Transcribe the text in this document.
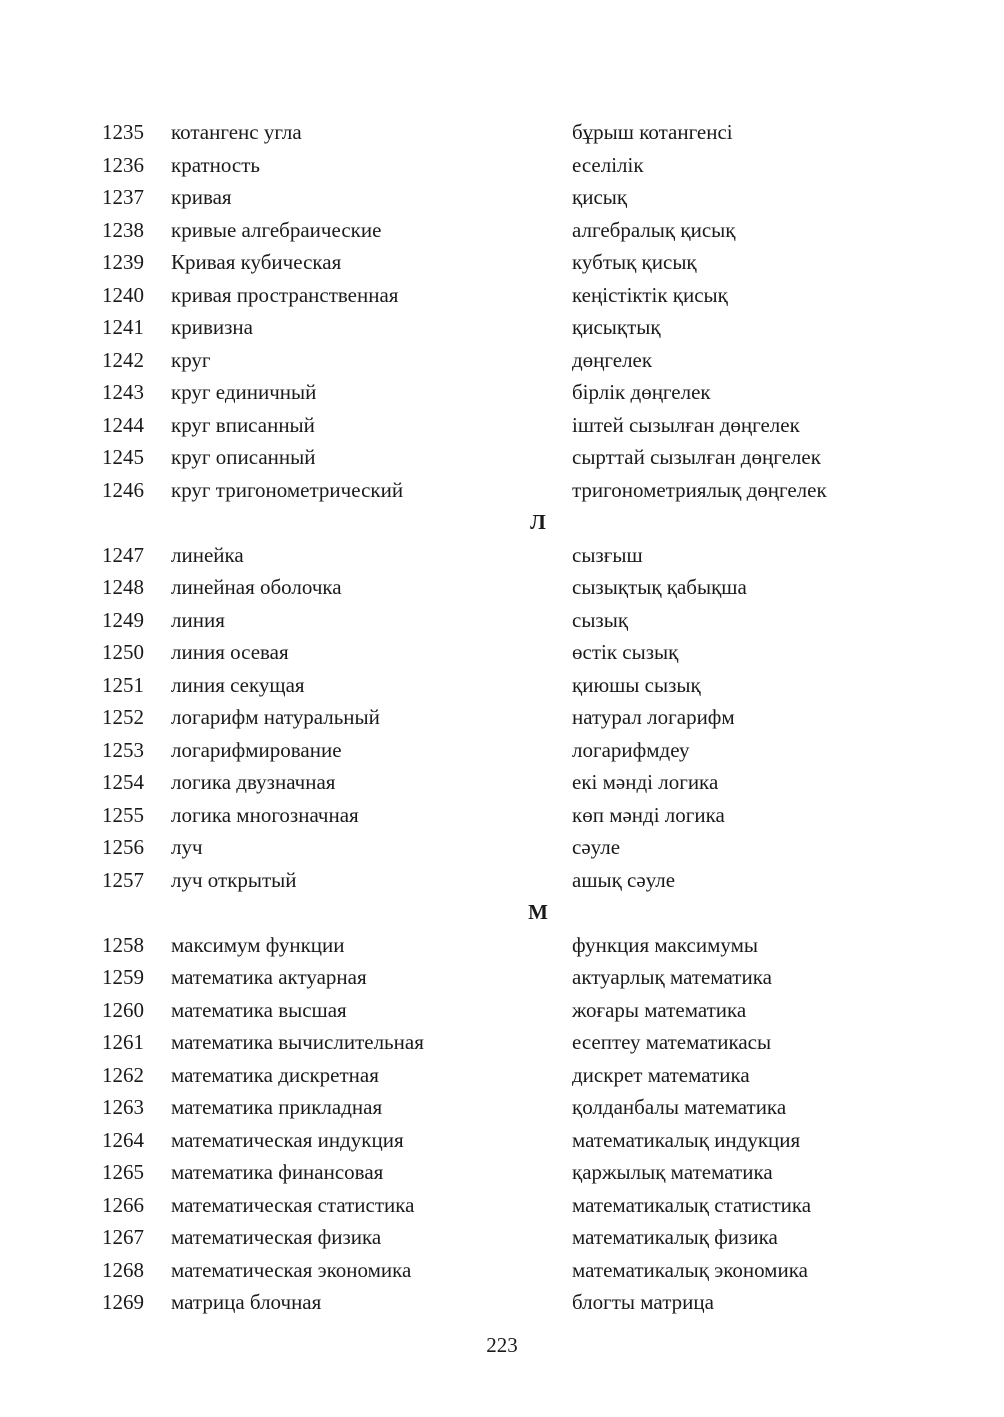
1235 котангенс угла	бұрыш котангенсі
1236 кратность	еселілік
1237 кривая	қисық
1238 кривые алгебраические	алгебралық қисық
1239 Кривая кубическая	кубтық қисық
1240 кривая пространственная	кеңістіктік қисық
1241 кривизна	қисықтық
1242 круг	дөңгелек
1243 круг единичный	бірлік дөңгелек
1244 круг вписанный	іштей сызылған дөңгелек
1245 круг описанный	сырттай сызылған дөңгелек
1246 круг тригонометрический	тригонометриялық дөңгелек
Л
1247 линейка	сызғыш
1248 линейная оболочка	сызықтық қабықша
1249 линия	сызық
1250 линия осевая	өстік сызық
1251 линия секущая	қиюшы сызық
1252 логарифм натуральный	натурал логарифм
1253 логарифмирование	логарифмдеу
1254 логика двузначная	екі мәнді логика
1255 логика многозначная	көп мәнді логика
1256 луч	сәуле
1257 луч открытый	ашық сәуле
М
1258 максимум функции	функция максимумы
1259 математика актуарная	актуарлық математика
1260 математика высшая	жоғары математика
1261 математика вычислительная	есептеу математикасы
1262 математика дискретная	дискрет математика
1263 математика прикладная	қолданбалы математика
1264 математическая индукция	математикалық индукция
1265 математика финансовая	қаржылық математика
1266 математическая статистика	математикалық статистика
1267 математическая физика	математикалық физика
1268 математическая экономика	математикалық экономика
1269 матрица блочная	блогты матрица
223
